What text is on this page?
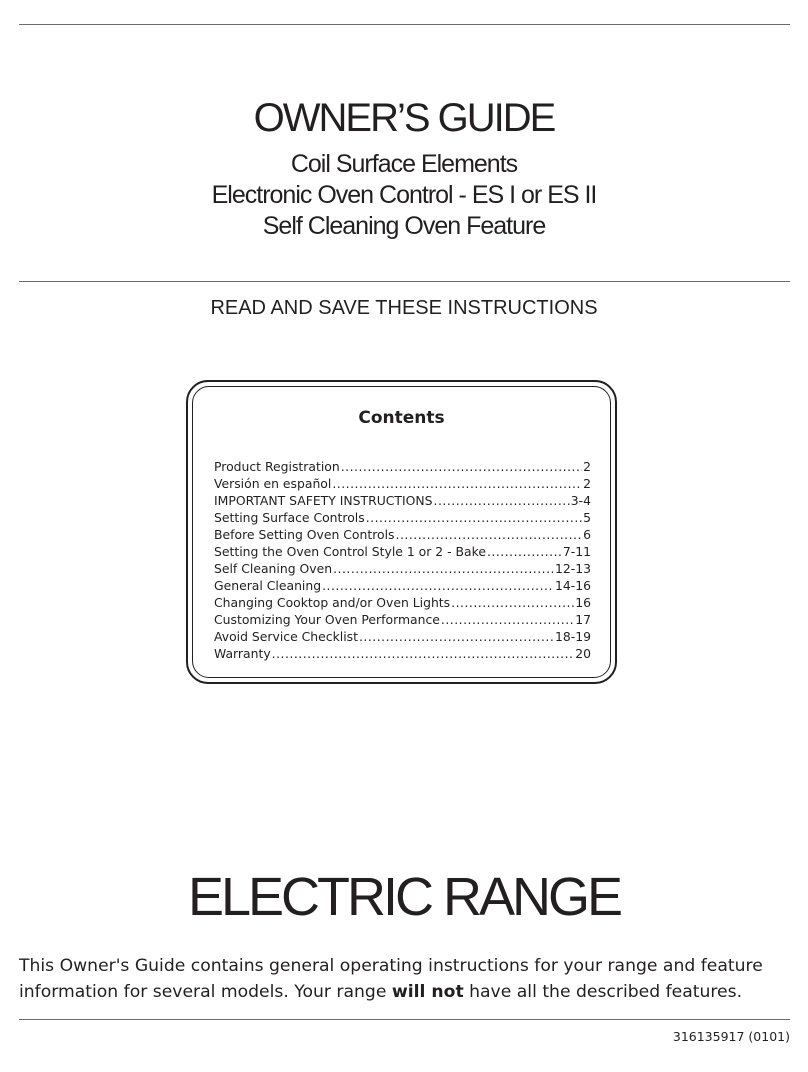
OWNER’S GUIDE
Coil Surface Elements
Electronic Oven Control - ES I or ES II
Self Cleaning Oven Feature
READ AND SAVE THESE INSTRUCTIONS
Contents
Product Registration .....	2
Versión en español .....	2
IMPORTANT SAFETY INSTRUCTIONS .....	3-4
Setting Surface Controls .....	5
Before Setting Oven Controls .....	6
Setting the Oven Control Style 1 or 2 - Bake .....	7-11
Self Cleaning Oven .....	12-13
General Cleaning .....	14-16
Changing Cooktop and/or Oven Lights .....	16
Customizing Your Oven Performance .....	17
Avoid Service Checklist .....	18-19
Warranty .....	20
ELECTRIC RANGE
This Owner's Guide contains general operating instructions for your range and feature information for several models. Your range will not have all the described features.
316135917 (0101)
